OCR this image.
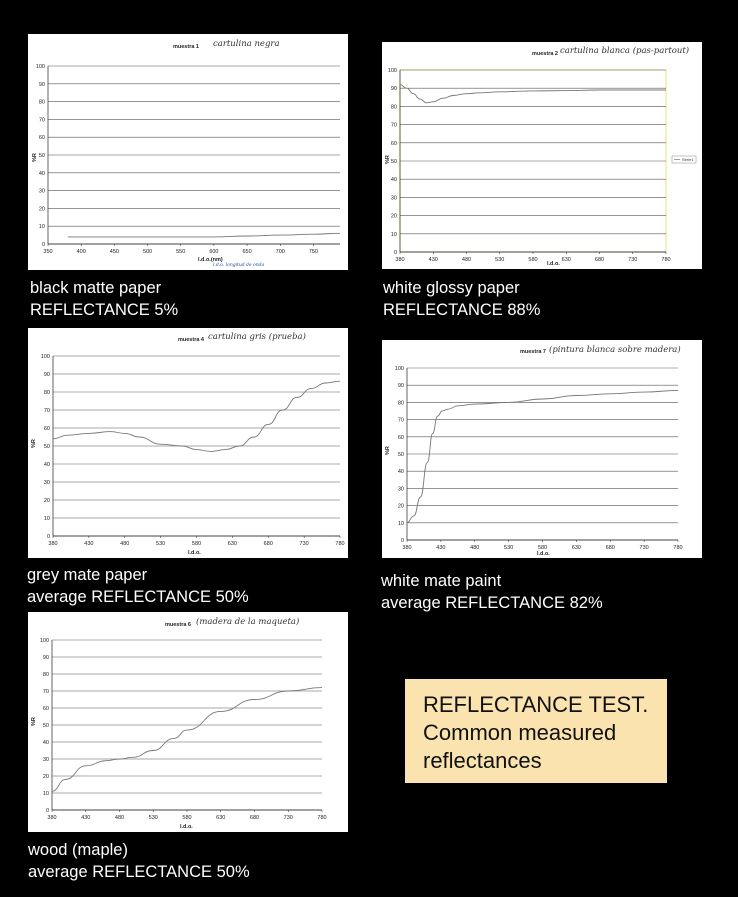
muestra 1 cartulina negra
%R
l.d.o.(nm)
l.d.o. longitud de onda
0
10
20
30
40
50
60
70
80
90
100
350	400	450	500	550	600	650	700	750
black matte paper
REFLECTANCE 5%
muestra 2 cartulina blanca (pas-partout)
%R
l.d.o.
Serie1
0
10
20
30
40
50
60
70
80
90
100
380	430	480	530	580	630	680	730	780
white glossy paper
REFLECTANCE 88%
muestra 4 cartulina gris (prueba)
%R
l.d.o.
0
10
20
30
40
50
60
70
80
90
100
380	430	480	530	580	630	680	730	780
grey mate paper
average REFLECTANCE 50%
muestra 7 (pintura blanca sobre madera)
%R
l.d.o.
0
10
20
30
40
50
60
70
80
90
100
380	430	480	530	580	630	680	730	780
white mate paint
average REFLECTANCE 82%
muestra 6 (madera de la maqueta)
%R
l.d.o.
0
10
20
30
40
50
60
70
80
90
100
380	430	480	530	580	630	680	730	780
wood (maple)
average REFLECTANCE 50%
REFLECTANCE TEST.
Common measured
reflectances
